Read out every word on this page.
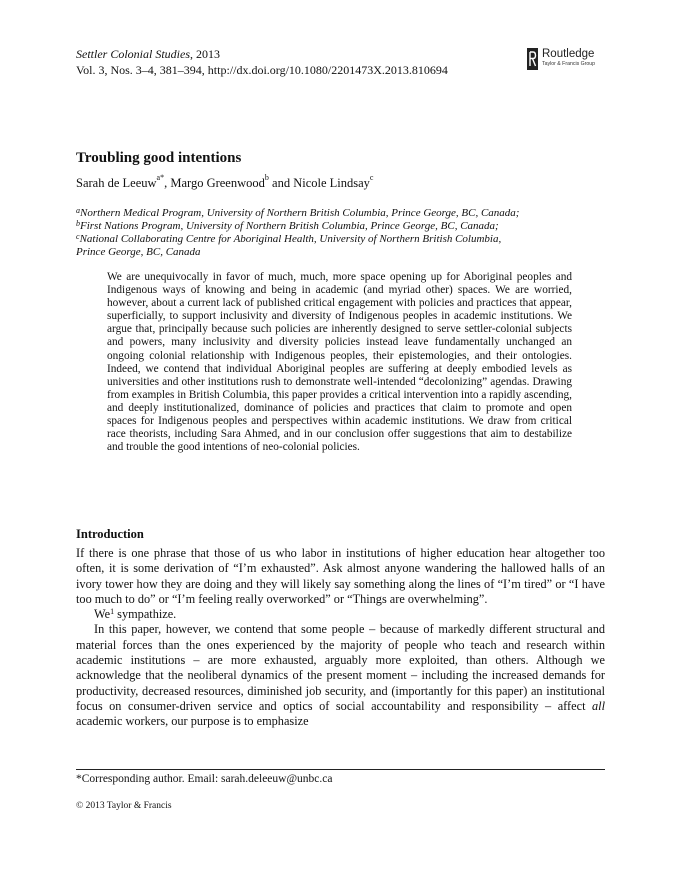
Settler Colonial Studies, 2013
Vol. 3, Nos. 3–4, 381–394, http://dx.doi.org/10.1080/2201473X.2013.810694
Routledge
Taylor & Francis Group
Troubling good intentions
Sarah de Leeuw$^{a*}$, Margo Greenwood$^b$ and Nicole Lindsay$^c$
$^a$Northern Medical Program, University of Northern British Columbia, Prince George, BC, Canada;
$^b$First Nations Program, University of Northern British Columbia, Prince George, BC, Canada;
$^c$National Collaborating Centre for Aboriginal Health, University of Northern British Columbia,
Prince George, BC, Canada
We are unequivocally in favor of much, much, more space opening up for Aboriginal peoples and Indigenous ways of knowing and being in academic (and myriad other) spaces. We are worried, however, about a current lack of published critical engagement with policies and practices that appear, superficially, to support inclusivity and diversity of Indigenous peoples in academic institutions. We argue that, principally because such policies are inherently designed to serve settler-colonial subjects and powers, many inclusivity and diversity policies instead leave fundamentally unchanged an ongoing colonial relationship with Indigenous peoples, their epistemologies, and their ontologies. Indeed, we contend that individual Aboriginal peoples are suffering at deeply embodied levels as universities and other institutions rush to demonstrate well-intended “decolonizing” agendas. Drawing from examples in British Columbia, this paper provides a critical intervention into a rapidly ascending, and deeply institutionalized, dominance of policies and practices that claim to promote and open spaces for Indigenous peoples and perspectives within academic institutions. We draw from critical race theorists, including Sara Ahmed, and in our conclusion offer suggestions that aim to destabilize and trouble the good intentions of neo-colonial policies.
Introduction

If there is one phrase that those of us who labor in institutions of higher education hear altogether too often, it is some derivation of “I’m exhausted”. Ask almost anyone wandering the hallowed halls of an ivory tower how they are doing and they will likely say something along the lines of “I’m tired” or “I have too much to do” or “I’m feeling really overworked” or “Things are overwhelming”.

We$^1$ sympathize.

In this paper, however, we contend that some people – because of markedly different structural and material forces than the ones experienced by the majority of people who teach and research within academic institutions – are more exhausted, arguably more exploited, than others. Although we acknowledge that the neoliberal dynamics of the present moment – including the increased demands for productivity, decreased resources, diminished job security, and (importantly for this paper) an institutional focus on consumer-driven service and optics of social accountability and responsibility – affect all academic workers, our purpose is to emphasize

*Corresponding author. Email: sarah.deleeuw@unbc.ca
© 2013 Taylor & Francis
